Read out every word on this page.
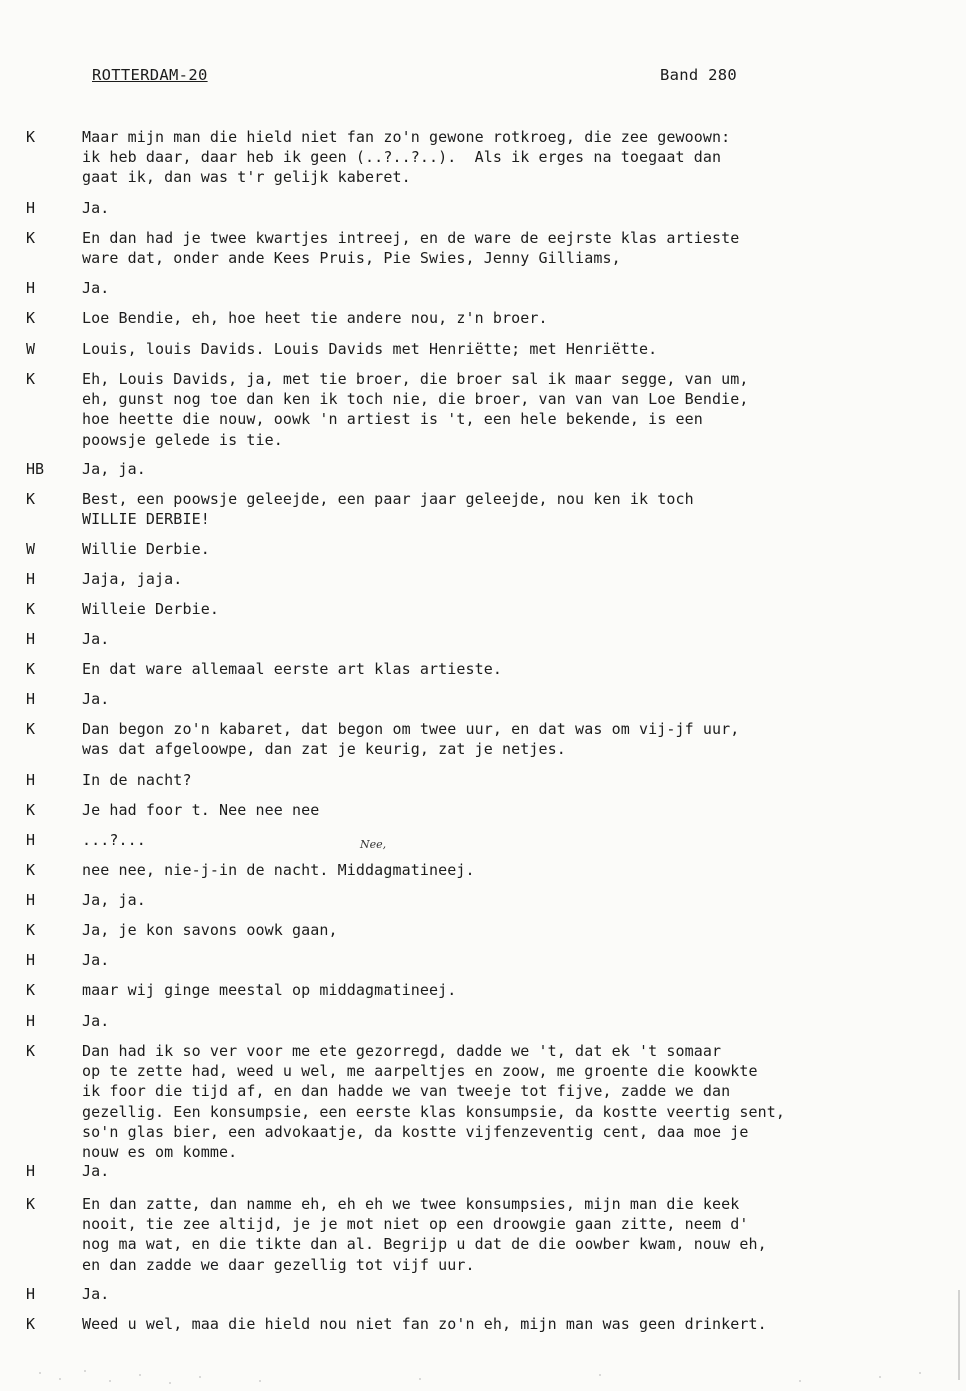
ROTTERDAM-20	Band 280
K	Maar mijn man die hield niet fan zo'n gewone rotkroeg, die zee gewoown:
ik heb daar, daar heb ik geen (..?..?..).  Als ik erges na toegaat dan
gaat ik, dan was t'r gelijk kaberet.
H	Ja.
K	En dan had je twee kwartjes intreej, en de ware de eejrste klas artieste
ware dat, onder ande Kees Pruis, Pie Swies, Jenny Gilliams,
H	Ja.
K	Loe Bendie, eh, hoe heet tie andere nou, z'n broer.
W	Louis, louis Davids. Louis Davids met Henriëtte; met Henriëtte.
K	Eh, Louis Davids, ja, met tie broer, die broer sal ik maar segge, van um,
eh, gunst nog toe dan ken ik toch nie, die broer, van van van Loe Bendie,
hoe heette die nouw, oowk 'n artiest is 't, een hele bekende, is een
poowsje gelede is tie.
HB	Ja, ja.
K	Best, een poowsje geleejde, een paar jaar geleejde, nou ken ik toch
WILLIE DERBIE!
W	Willie Derbie.
H	Jaja, jaja.
K	Willeie Derbie.
H	Ja.
K	En dat ware allemaal eerste art klas artieste.
H	Ja.
K	Dan begon zo'n kabaret, dat begon om twee uur, en dat was om vij-jf uur,
was dat afgeloowpe, dan zat je keurig, zat je netjes.
H	In de nacht?
K	Je had foor t. Nee nee nee
H	...?...
K	nee nee, nie-j-in de nacht. Middagmatineej.
H	Ja, ja.
K	Ja, je kon savons oowk gaan,
H	Ja.
K	maar wij ginge meestal op middagmatineej.
H	Ja.
K	Dan had ik so ver voor me ete gezorregd, dadde we 't, dat ek 't somaar
op te zette had, weed u wel, me aarpeltjes en zoow, me groente die koowkte
ik foor die tijd af, en dan hadde we van tweeje tot fijve, zadde we dan
gezellig. Een konsumpsie, een eerste klas konsumpsie, da kostte veertig sent,
so'n glas bier, een advokaatje, da kostte vijfenzeventig cent, daa moe je
nouw es om komme.
H	Ja.
K	En dan zatte, dan namme eh, eh eh we twee konsumpsies, mijn man die keek
nooit, tie zee altijd, je je mot niet op een droowgie gaan zitte, neem d'
nog ma wat, en die tikte dan al. Begrijp u dat de die oowber kwam, nouw eh,
en dan zadde we daar gezellig tot vijf uur.
H	Ja.
K	Weed u wel, maa die hield nou niet fan zo'n eh, mijn man was geen drinkert.
Nee,
